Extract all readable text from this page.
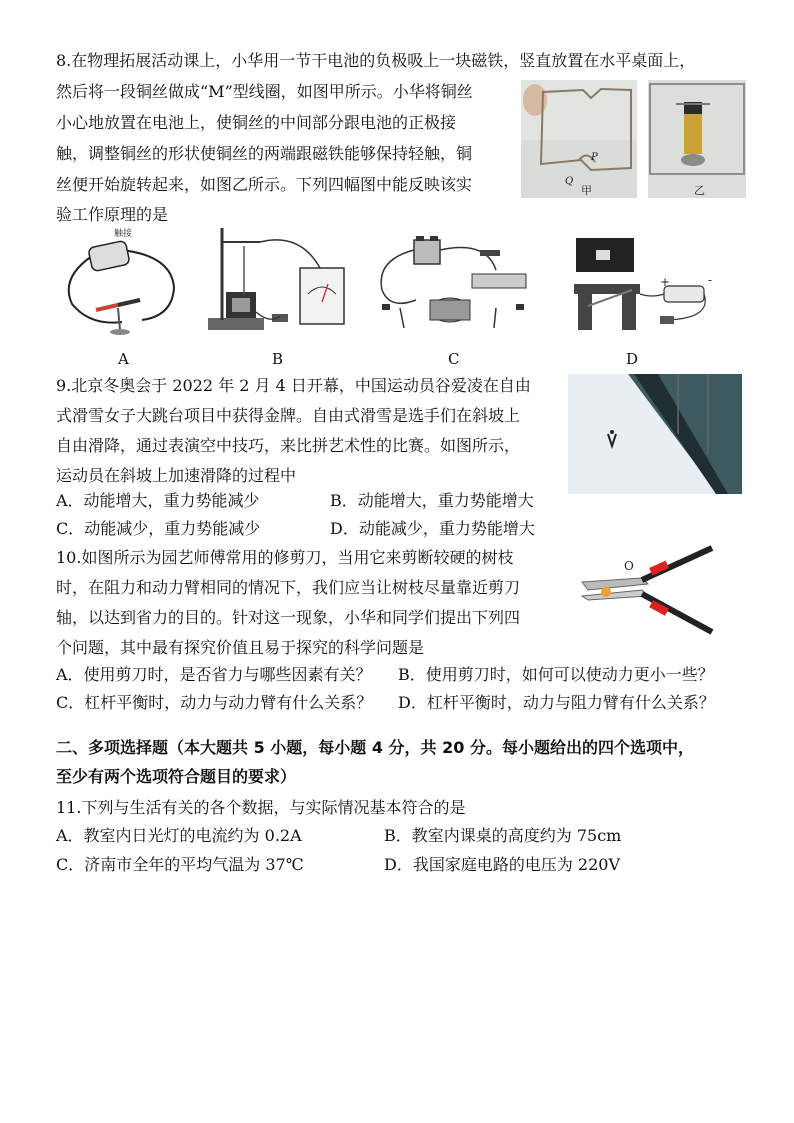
8.在物理拓展活动课上，小华用一节干电池的负极吸上一块磁铁，竖直放置在水平桌面上，
然后将一段铜丝做成“M”型线圈，如图甲所示。小华将铜丝
小心地放置在电池上，使铜丝的中间部分跟电池的正极接
触，调整铜丝的形状使铜丝的两端跟磁铁能够保持轻触，铜
丝便开始旋转起来，如图乙所示。下列四幅图中能反映该实
验工作原理的是
P
Q
甲	乙
触接
+	-
A	B	C	D
9.北京冬奥会于 2022 年 2 月 4 日开幕，中国运动员谷爱凌在自由
式滑雪女子大跳台项目中获得金牌。自由式滑雪是选手们在斜坡上
自由滑降，通过表演空中技巧，来比拼艺术性的比赛。如图所示，
运动员在斜坡上加速滑降的过程中
A．动能增大，重力势能减少	B．动能增大，重力势能增大
C．动能减少，重力势能减少	D．动能减少，重力势能增大
10.如图所示为园艺师傅常用的修剪刀，当用它来剪断较硬的树枝
时，在阻力和动力臂相同的情况下，我们应当让树枝尽量靠近剪刀
轴，以达到省力的目的。针对这一现象，小华和同学们提出下列四
个问题，其中最有探究价值且易于探究的科学问题是
O
A．使用剪刀时，是否省力与哪些因素有关？ B．使用剪刀时，如何可以使动力更小一些？
C．杠杆平衡时，动力与动力臂有什么关系？ D．杠杆平衡时，动力与阻力臂有什么关系？
二、多项选择题（本大题共 5 小题，每小题 4 分，共 20 分。每小题给出的四个选项中，
至少有两个选项符合题目的要求）
11.下列与生活有关的各个数据，与实际情况基本符合的是
A．教室内日光灯的电流约为 0.2A	B．教室内课桌的高度约为 75cm
C．济南市全年的平均气温为 37℃	D．我国家庭电路的电压为 220V
